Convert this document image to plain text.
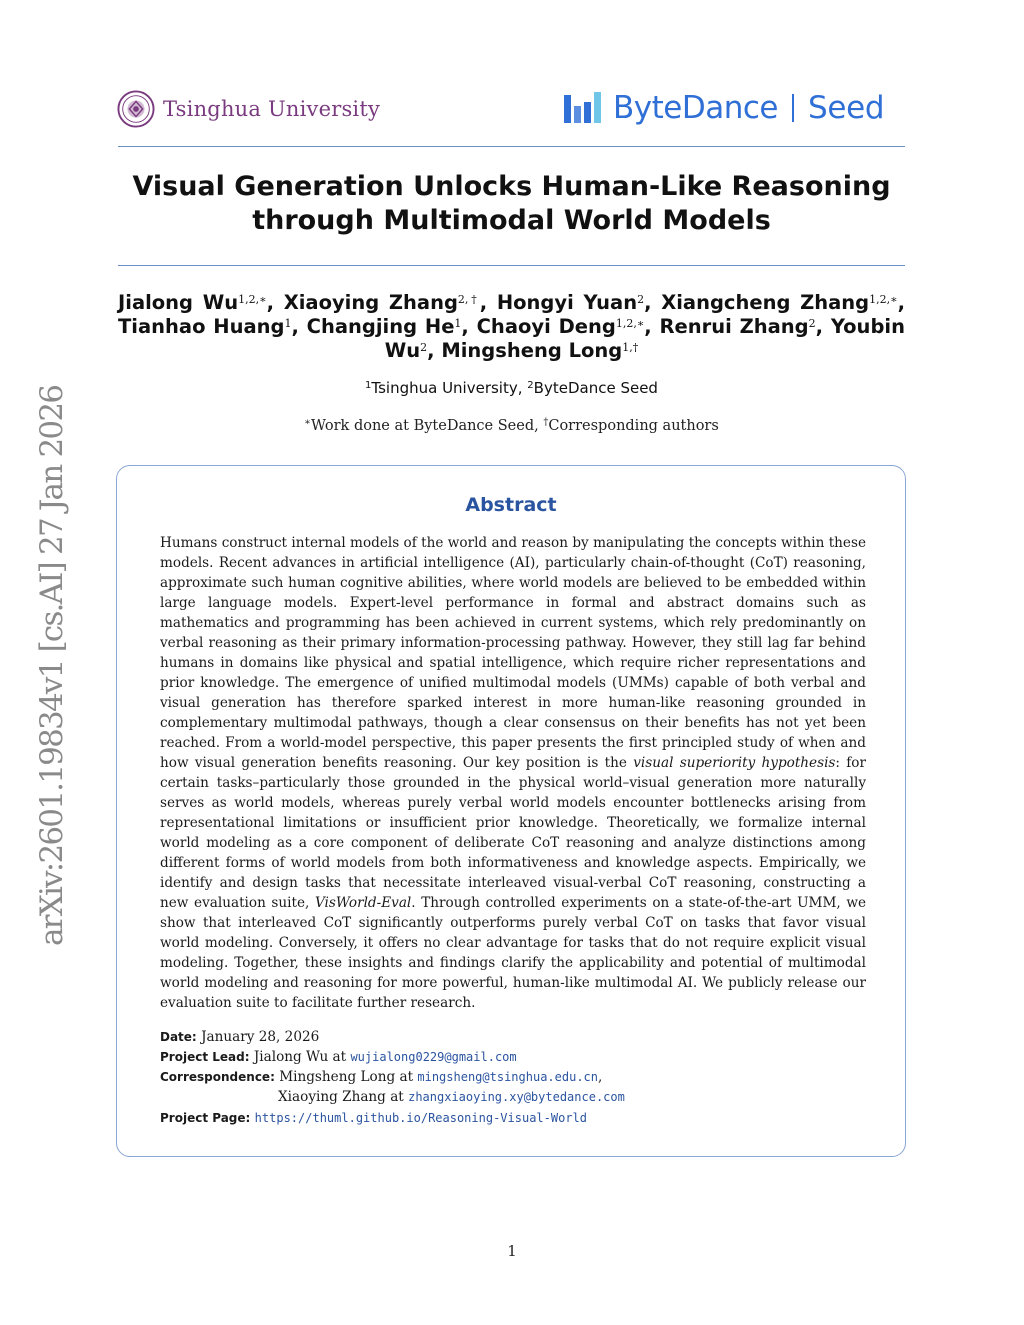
arXiv:2601.19834v1 [cs.AI] 27 Jan 2026
Tsinghua University	ByteDance Seed
Visual Generation Unlocks Human-Like Reasoning through Multimodal World Models
Jialong $Wu^{1,2,∗}$, Xiaoying Zhang$^{2,\dagger}$, Hongyi Yuan$^2$, Xiangcheng Zhang$^{1,2,∗}$, Tianhao Huang$^1$, Changjing He$^1$, Chaoyi Deng$^{1,2,∗}$, Renrui Zhang$^2$, Youbin Wu$^2$, Mingsheng Long$^{1,\dagger}$
$^1$Tsinghua University, $^2$ByteDance Seed
∗Work done at ByteDance Seed, †Corresponding authors
Abstract
Humans construct internal models of the world and reason by manipulating the concepts within these models. Recent advances in artificial intelligence (AI), particularly chain-of-thought (CoT) reasoning, approximate such human cognitive abilities, where world models are believed to be embedded within large language models. Expert-level performance in formal and abstract domains such as mathematics and programming has been achieved in current systems, which rely predominantly on verbal reasoning as their primary information-processing pathway. However, they still lag far behind humans in domains like physical and spatial intelligence, which require richer representations and prior knowledge. The emergence of unified multimodal models (UMMs) capable of both verbal and visual generation has therefore sparked interest in more human-like reasoning grounded in complementary multimodal pathways, though a clear consensus on their benefits has not yet been reached. From a world-model perspective, this paper presents the first principled study of when and how visual generation benefits reasoning. Our key position is the visual superiority hypothesis: for certain tasks–particularly those grounded in the physical world–visual generation more naturally serves as world models, whereas purely verbal world models encounter bottlenecks arising from representational limitations or insufficient prior knowledge. Theoretically, we formalize internal world modeling as a core component of deliberate CoT reasoning and analyze distinctions among different forms of world models from both informativeness and knowledge aspects. Empirically, we identify and design tasks that necessitate interleaved visual-verbal CoT reasoning, constructing a new evaluation suite, VisWorld-Eval. Through controlled experiments on a state-of-the-art UMM, we show that interleaved CoT significantly outperforms purely verbal CoT on tasks that favor visual world modeling. Conversely, it offers no clear advantage for tasks that do not require explicit visual modeling. Together, these insights and findings clarify the applicability and potential of multimodal world modeling and reasoning for more powerful, human-like multimodal AI. We publicly release our evaluation suite to facilitate further research.
Date: January 28, 2026
Project Lead: Jialong Wu at wujialong0229@gmail.com
Correspondence: Mingsheng Long at mingsheng@tsinghua.edu.cn,
Xiaoying Zhang at zhangxiaoying.xy@bytedance.com
Project Page: https://thuml.github.io/Reasoning-Visual-World
1
